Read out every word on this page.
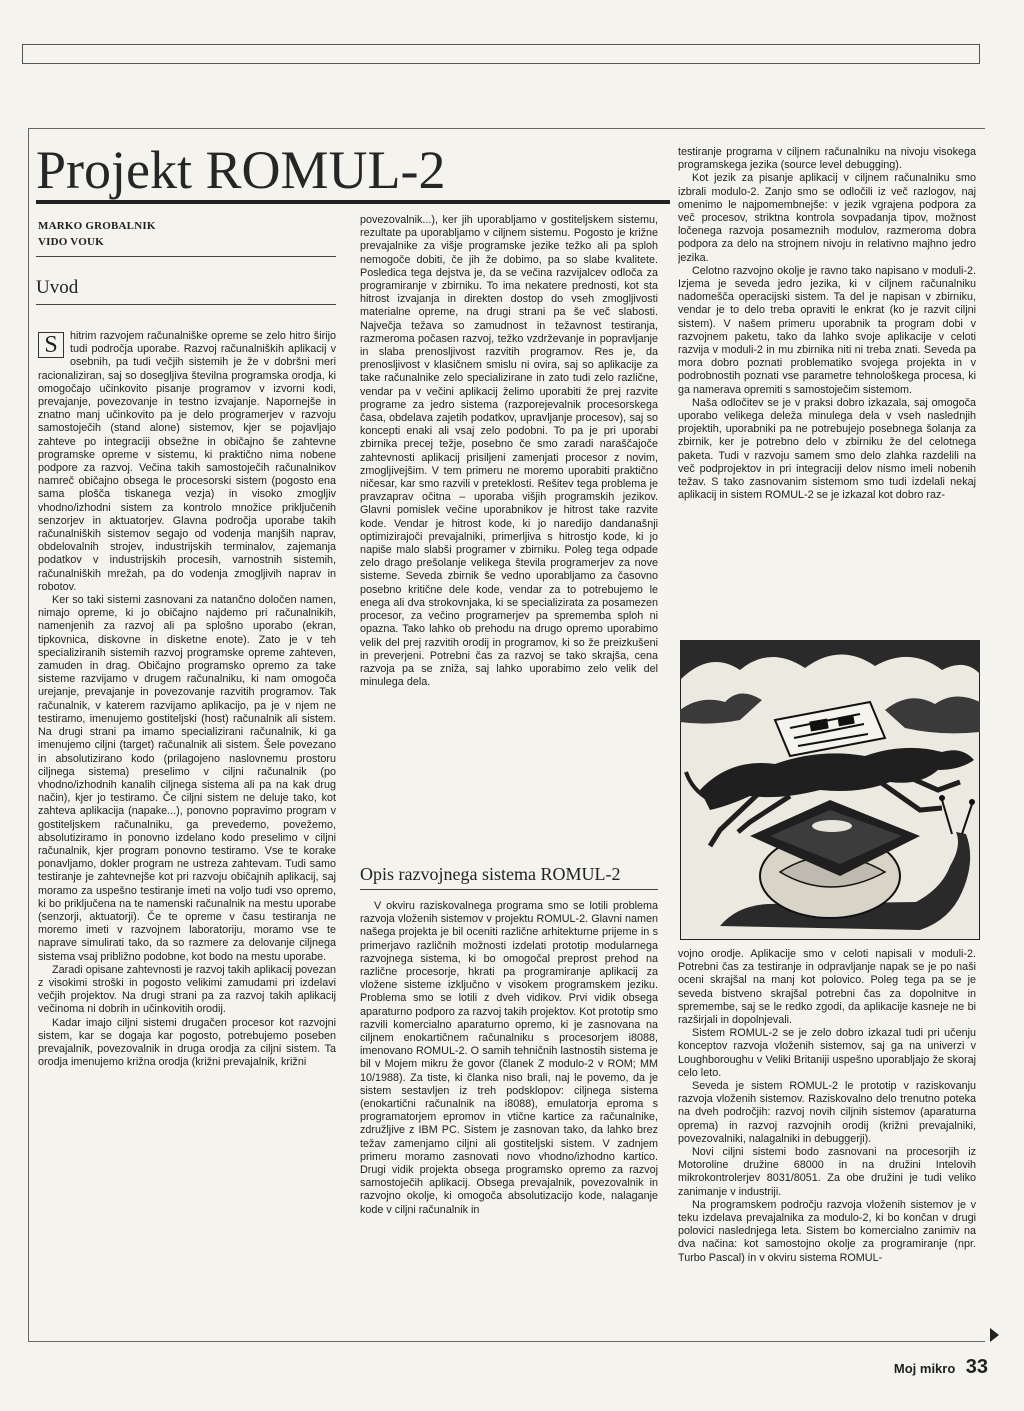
Projekt ROMUL-2
MARKO GROBALNIK
VIDO VOUK
Uvod

S	hitrim razvojem računalniške opreme se zelo hitro širijo tudi področja uporabe. Razvoj računalniških aplikacij v osebnih, pa tudi večjih sistemih je že v dobršni meri racionaliziran, saj so dosegljiva številna programska orodja, ki omogočajo učinkovito pisanje programov v izvorni kodi, prevajanje, povezovanje in testno izvajanje. Napornejše in znatno manj učinkovito pa je delo programerjev v razvoju samostoječih (stand alone) sistemov, kjer se pojavljajo zahteve po integraciji obsežne in običajno še zahtevne programske opreme v sistemu, ki praktično nima nobene podpore za razvoj. Večina takih samostoječih računalnikov namreč običajno obsega le procesorski sistem (pogosto ena sama plošča tiskanega vezja) in visoko zmogljiv vhodno/izhodni sistem za kontrolo množice priključenih senzorjev in aktuatorjev. Glavna področja uporabe takih računalniških sistemov segajo od vodenja manjših naprav, obdelovalnih strojev, industrijskih terminalov, zajemanja podatkov v industrijskih procesih, varnostnih sistemih, računalniških mrežah, pa do vodenja zmogljivih naprav in robotov.

Ker so taki sistemi zasnovani za natančno določen namen, nimajo opreme, ki jo običajno najdemo pri računalnikih, namenjenih za razvoj ali pa splošno uporabo (ekran, tipkovnica, diskovne in disketne enote). Zato je v teh specializiranih sistemih razvoj programske opreme zahteven, zamuden in drag. Običajno programsko opremo za take sisteme razvijamo v drugem računalniku, ki nam omogoča urejanje, prevajanje in povezovanje razvitih programov. Tak računalnik, v katerem razvijamo aplikacijo, pa je v njem ne testiramo, imenujemo gostiteljski (host) računalnik ali sistem. Na drugi strani pa imamo specializirani računalnik, ki ga imenujemo ciljni (target) računalnik ali sistem. Šele povezano in absolutizirano kodo (prilagojeno naslovnemu prostoru ciljnega sistema) preselimo v ciljni računalnik (po vhodno/izhodnih kanalih ciljnega sistema ali pa na kak drug način), kjer jo testiramo. Če ciljni sistem ne deluje tako, kot zahteva aplikacija (napake...), ponovno popravimo program v gostiteljskem računalniku, ga prevedemo, povežemo, absolutiziramo in ponovno izdelano kodo preselimo v ciljni računalnik, kjer program ponovno testiramo. Vse te korake ponavljamo, dokler program ne ustreza zahtevam. Tudi samo testiranje je zahtevnejše kot pri razvoju običajnih aplikacij, saj moramo za uspešno testiranje imeti na voljo tudi vso opremo, ki bo priključena na te namenski računalnik na mestu uporabe (senzorji, aktuatorji). Če te opreme v času testiranja ne moremo imeti v razvojnem laboratoriju, moramo vse te naprave simulirati tako, da so razmere za delovanje ciljnega sistema vsaj približno podobne, kot bodo na mestu uporabe.

Zaradi opisane zahtevnosti je razvoj takih aplikacij povezan z visokimi stroški in pogosto velikimi zamudami pri izdelavi večjih projektov. Na drugi strani pa za razvoj takih aplikacij večinoma ni dobrih in učinkovitih orodij.

Kadar imajo ciljni sistemi drugačen procesor kot razvojni sistem, kar se dogaja kar pogosto, potrebujemo poseben prevajalnik, povezovalnik in druga orodja za ciljni sistem. Ta orodja imenujemo križna orodja (križni prevajalnik, križni

povezovalnik...), ker jih uporabljamo v gostiteljskem sistemu, rezultate pa uporabljamo v ciljnem sistemu. Pogosto je križne prevajalnike za višje programske jezike težko ali pa sploh nemogoče dobiti, če jih že dobimo, pa so slabe kvalitete. Posledica tega dejstva je, da se večina razvijalcev odloča za programiranje v zbirniku. To ima nekatere prednosti, kot sta hitrost izvajanja in direkten dostop do vseh zmogljivosti materialne opreme, na drugi strani pa še več slabosti. Največja težava so zamudnost in težavnost testiranja, razmeroma počasen razvoj, težko vzdrževanje in popravljanje in slaba prenosljivost razvitih programov. Res je, da prenosljivost v klasičnem smislu ni ovira, saj so aplikacije za take računalnike zelo specializirane in zato tudi zelo različne, vendar pa v večini aplikacij želimo uporabiti že prej razvite programe za jedro sistema (razporejevalnik procesorskega časa, obdelava zajetih podatkov, upravljanje procesov), saj so koncepti enaki ali vsaj zelo podobni. To pa je pri uporabi zbirnika precej težje, posebno če smo zaradi naraščajoče zahtevnosti aplikacij prisiljeni zamenjati procesor z novim, zmogljivejšim. V tem primeru ne moremo uporabiti praktično ničesar, kar smo razvili v preteklosti. Rešitev tega problema je pravzaprav očitna – uporaba višjih programskih jezikov. Glavni pomislek večine uporabnikov je hitrost take razvite kode. Vendar je hitrost kode, ki jo naredijo dandanašnji optimizirajoči prevajalniki, primerljiva s hitrostjo kode, ki jo napiše malo slabši programer v zbirniku. Poleg tega odpade zelo drago prešolanje velikega števila programerjev za nove sisteme. Seveda zbirnik še vedno uporabljamo za časovno posebno kritične dele kode, vendar za to potrebujemo le enega ali dva strokovnjaka, ki se specializirata za posamezen procesor, za večino programerjev pa sprememba sploh ni opazna. Tako lahko ob prehodu na drugo opremo uporabimo velik del prej razvitih orodij in programov, ki so že preizkušeni in preverjeni. Potrebni čas za razvoj se tako skrajša, cena razvoja pa se zniža, saj lahko uporabimo zelo velik del minulega dela.

Opis razvojnega sistema ROMUL-2

V okviru raziskovalnega programa smo se lotili problema razvoja vloženih sistemov v projektu ROMUL-2. Glavni namen našega projekta je bil oceniti različne arhitekturne prijeme in s primerjavo različnih možnosti izdelati prototip modularnega razvojnega sistema, ki bo omogočal preprost prehod na različne procesorje, hkrati pa programiranje aplikacij za vložene sisteme izključno v visokem programskem jeziku. Problema smo se lotili z dveh vidikov. Prvi vidik obsega aparaturno podporo za razvoj takih projektov. Kot prototip smo razvili komercialno aparaturno opremo, ki je zasnovana na ciljnem enokartičnem računalniku s procesorjem i8088, imenovano ROMUL-2. O samih tehničnih lastnostih sistema je bil v Mojem mikru že govor (članek Z modulo-2 v ROM; MM 10/1988). Za tiste, ki članka niso brali, naj le povemo, da je sistem sestavljen iz treh podsklopov: ciljnega sistema (enokartični računalnik na i8088), emulatorja eproma s programatorjem epromov in vtične kartice za računalnike, združljive z IBM PC. Sistem je zasnovan tako, da lahko brez težav zamenjamo ciljni ali gostiteljski sistem. V zadnjem primeru moramo zasnovati novo vhodno/izhodno kartico. Drugi vidik projekta obsega programsko opremo za razvoj samostoječih aplikacij. Obsega prevajalnik, povezovalnik in razvojno okolje, ki omogoča absolutizacijo kode, nalaganje kode v ciljni računalnik in

testiranje programa v ciljnem računalniku na nivoju visokega programskega jezika (source level debugging).

Kot jezik za pisanje aplikacij v ciljnem računalniku smo izbrali modulo-2. Zanjo smo se odločili iz več razlogov, naj omenimo le najpomembnejše: v jezik vgrajena podpora za več procesov, striktna kontrola sovpadanja tipov, možnost ločenega razvoja posameznih modulov, razmeroma dobra podpora za delo na strojnem nivoju in relativno majhno jedro jezika.

Celotno razvojno okolje je ravno tako napisano v moduli-2. Izjema je seveda jedro jezika, ki v ciljnem računalniku nadomešča operacijski sistem. Ta del je napisan v zbirniku, vendar je to delo treba opraviti le enkrat (ko je razvit ciljni sistem). V našem primeru uporabnik ta program dobi v razvojnem paketu, tako da lahko svoje aplikacije v celoti razvija v moduli-2 in mu zbirnika niti ni treba znati. Seveda pa mora dobro poznati problematiko svojega projekta in v podrobnostih poznati vse parametre tehnološkega procesa, ki ga namerava opremiti s samostoječim sistemom.

Naša odločitev se je v praksi dobro izkazala, saj omogoča uporabo velikega deleža minulega dela v vseh naslednjih projektih, uporabniki pa ne potrebujejo posebnega šolanja za zbirnik, ker je potrebno delo v zbirniku že del celotnega paketa. Tudi v razvoju samem smo delo zlahka razdelili na več podprojektov in pri integraciji delov nismo imeli nobenih težav. S tako zasnovanim sistemom smo tudi izdelali nekaj aplikacij in sistem ROMUL-2 se je izkazal kot dobro raz-

vojno orodje. Aplikacije smo v celoti napisali v moduli-2. Potrebni čas za testiranje in odpravljanje napak se je po naši oceni skrajšal na manj kot polovico. Poleg tega pa se je seveda bistveno skrajšal potrebni čas za dopolnitve in spremembe, saj se le redko zgodi, da aplikacije kasneje ne bi razširjali in dopolnjevali.

Sistem ROMUL-2 se je zelo dobro izkazal tudi pri učenju konceptov razvoja vloženih sistemov, saj ga na univerzi v Loughboroughu v Veliki Britaniji uspešno uporabljajo že skoraj celo leto.

Seveda je sistem ROMUL-2 le prototip v raziskovanju razvoja vloženih sistemov. Raziskovalno delo trenutno poteka na dveh področjih: razvoj novih ciljnih sistemov (aparaturna oprema) in razvoj razvojnih orodij (križni prevajalniki, povezovalniki, nalagalniki in debuggerji).

Novi ciljni sistemi bodo zasnovani na procesorjih iz Motoroline družine 68000 in na družini Intelovih mikrokontrolerjev 8031/8051. Za obe družini je tudi veliko zanimanje v industriji.

Na programskem področju razvoja vloženih sistemov je v teku izdelava prevajalnika za modulo-2, ki bo končan v drugi polovici naslednjega leta. Sistem bo komercialno zanimiv na dva načina: kot samostojno okolje za programiranje (npr. Turbo Pascal) in v okviru sistema ROMUL-

Moj mikro 33
